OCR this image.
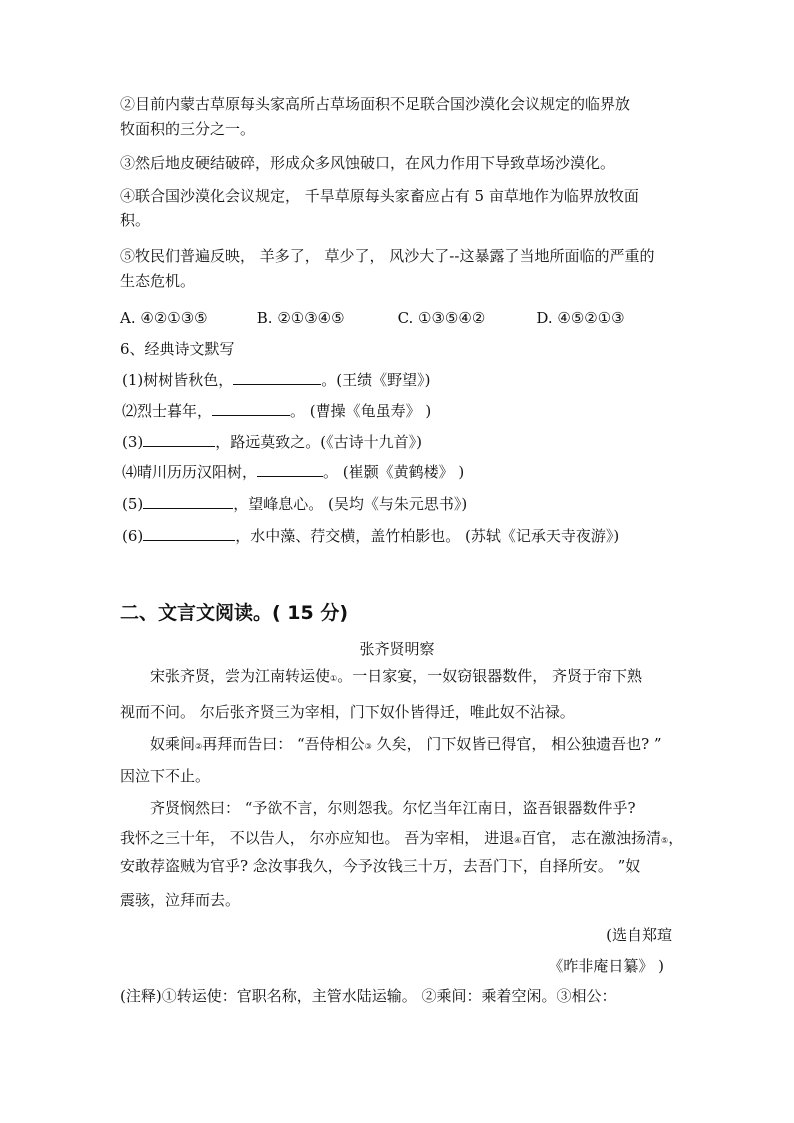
②目前内蒙古草原每头家高所占草场面积不足联合国沙漠化会议规定的临界放
牧面积的三分之一。
③然后地皮硬结破碎，形成众多风蚀破口，在风力作用下导致草场沙漠化。
④联合国沙漠化会议规定， 千旱草原每头家畜应占有 5 亩草地作为临界放牧面
积。
⑤牧民们普遍反映， 羊多了， 草少了， 风沙大了--这暴露了当地所面临的严重的
生态危机。
A. ④②①③⑤	B. ②①③④⑤	C. ①③⑤④②	D. ④⑤②①③
6、经典诗文默写
(1)树树皆秋色，	。(王绩《野望》)
⑵烈士暮年，	。 (曹操《龟虽寿》 )
(3)	，路远莫致之。(《古诗十九首》)
⑷晴川历历汉阳树，	。 (崔颢《黄鹤楼》 )
(5)	，望峰息心。 (吴均《与朱元思书》)
(6)	，水中藻、荇交横，盖竹柏影也。 (苏轼《记承天寺夜游》)
二、文言文阅读。( 15 分)
张齐贤明察
宋张齐贤，尝为江南转运使①。一日家宴，一奴窃银器数件， 齐贤于帘下熟
视而不问。 尔后张齐贤三为宰相，门下奴仆皆得迁，唯此奴不沾禄。
奴乘间②再拜而告曰： “吾侍相公③ 久矣， 门下奴皆已得官， 相公独遗吾也? ”
因泣下不止。
齐贤悯然曰： “予欲不言，尔则怨我。尔忆当年江南日，盗吾银器数件乎?
我怀之三十年， 不以告人， 尔亦应知也。 吾为宰相， 进退④百官， 志在激浊扬清⑤，
安敢荐盗贼为官乎? 念汝事我久，今予汝钱三十万，去吾门下，自择所安。 ”奴
震骇，泣拜而去。
(选自郑瑄
《昨非庵日纂》 )
(注释)①转运使：官职名称，主管水陆运输。 ②乘间：乘着空闲。③相公：
